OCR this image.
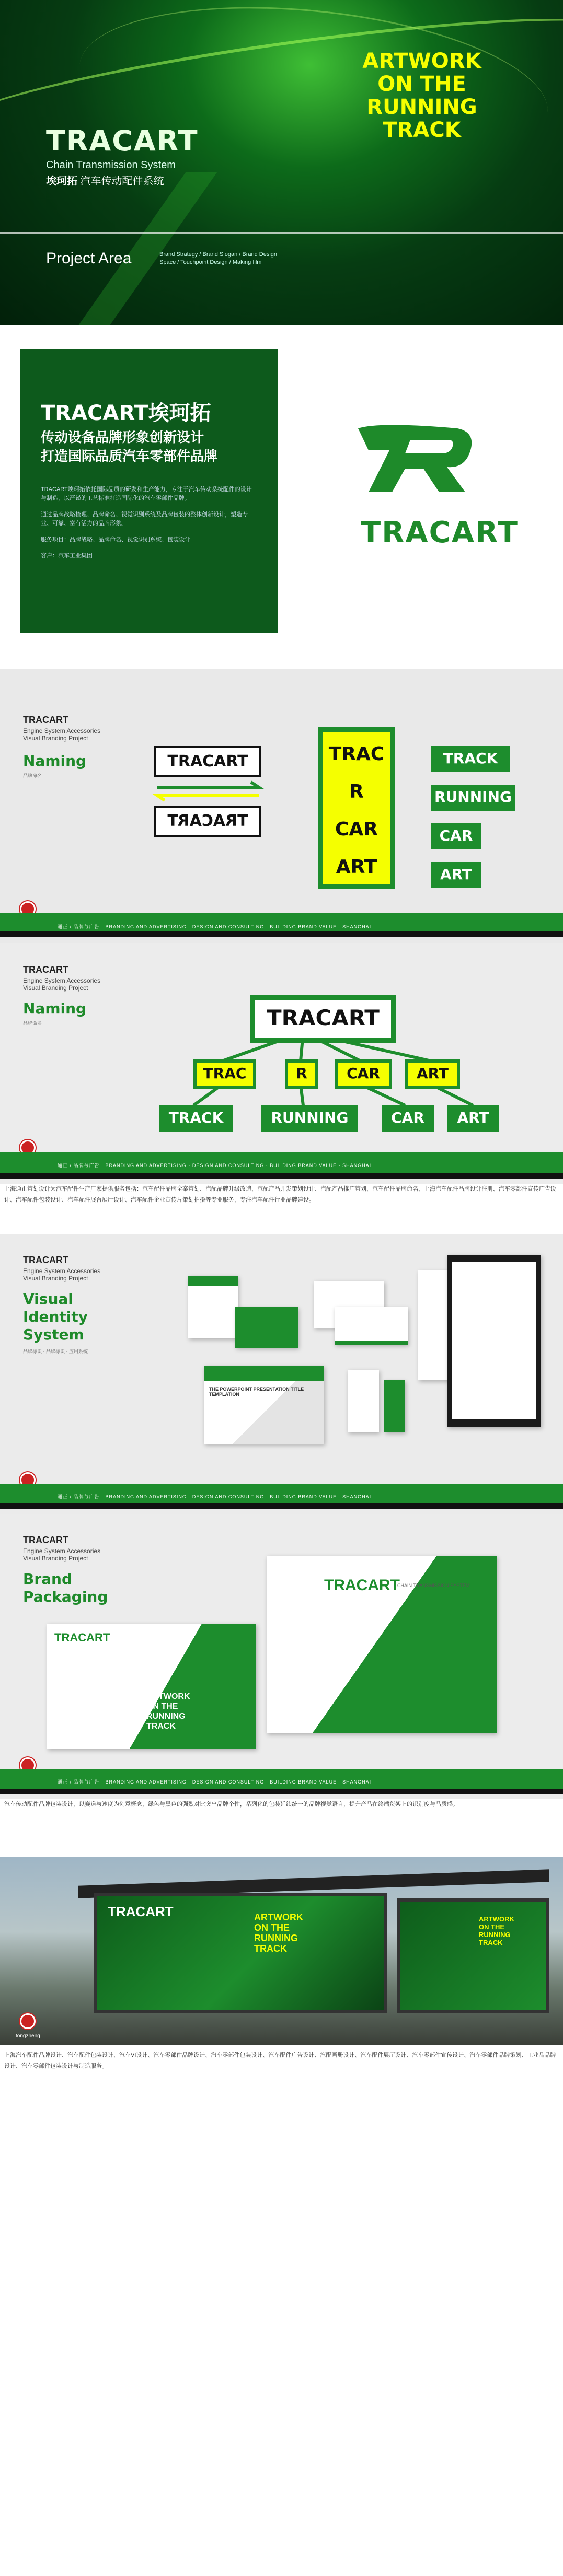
TRACART
Chain Transmission System
埃珂拓 汽车传动配件系统
ARTWORK
ON THE
RUNNING
TRACK
Project Area	Brand Strategy / Brand Slogan / Brand Design
Space / Touchpoint Design / Making film
TRACART埃珂拓
传动设备品牌形象创新设计
打造国际品质汽车零部件品牌

TRACART埃珂拓依托国际品质的研发和生产能力，专注于汽车传动系统配件的设计与制造，以严谨的工艺标准打造国际化的汽车零部件品牌。

通过品牌战略梳理、品牌命名、视觉识别系统及品牌包装的整体创新设计，塑造专业、可靠、富有活力的品牌形象。

服务项目：品牌战略、品牌命名、视觉识别系统、包装设计

客户：汽车工业集团

TRACART
TRACART
Engine System Accessories
Visual Branding Project
Naming
品牌命名
TRACART
TRACART
TRAC
R
CAR
ART
TRACK
RUNNING
CAR
ART
通正 / 品牌与广告 · BRANDING AND ADVERTISING · DESIGN AND CONSULTING · BUILDING BRAND VALUE · SHANGHAI
TRACART
Engine System Accessories
Visual Branding Project
Naming
品牌命名	TRACART
TRAC	R	CAR	ART
TRACK	RUNNING	CAR	ART
通正 / 品牌与广告 · BRANDING AND ADVERTISING · DESIGN AND CONSULTING · BUILDING BRAND VALUE · SHANGHAI
上海通正策划设计为汽车配件生产厂家提供服务包括：汽车配件品牌全案策划、汽配品牌升级改造、汽配产品开发策划设计、汽配产品推广策划、汽车配件品牌命名、上海汽车配件品牌设计注册、汽车零部件宣传广告设计、汽车配件包装设计、汽车配件展台展厅设计、汽车配件企业宣传片策划拍摄等专业服务，专注汽车配件行业品牌建设。
TRACART
Engine System Accessories
Visual Branding Project
Visual
Identity
System
品牌标识 · 品牌标识 · 应用系统
THE POWERPOINT PRESENTATION TITLE TEMPLATION
通正 / 品牌与广告 · BRANDING AND ADVERTISING · DESIGN AND CONSULTING · BUILDING BRAND VALUE · SHANGHAI
TRACART
Engine System Accessories
Visual Branding Project
Brand
Packaging
TRACART
ARTWORK
ON THE
RUNNING
TRACK
TRACART
CHAIN TRANSMISSION SYSTEM
ARTWORK
ON THE
RUNNING
TRACK
通正 / 品牌与广告 · BRANDING AND ADVERTISING · DESIGN AND CONSULTING · BUILDING BRAND VALUE · SHANGHAI
汽车传动配件品牌包装设计，以赛道与速度为创意概念，绿色与黑色的强烈对比突出品牌个性，系列化的包装延续统一的品牌视觉语言，提升产品在终端货架上的识别度与品质感。
TRACART	ARTWORK
ON THE
RUNNING
TRACK
ARTWORK
ON THE
RUNNING
TRACK
tongzheng
上海汽车配件品牌设计、汽车配件包装设计、汽车VI设计、汽车零部件品牌设计、汽车零部件包装设计、汽车配件广告设计、汽配画册设计、汽车配件展厅设计、汽车零部件宣传设计、汽车零部件品牌策划、工业品品牌设计、汽车零部件包装设计与制造服务。
